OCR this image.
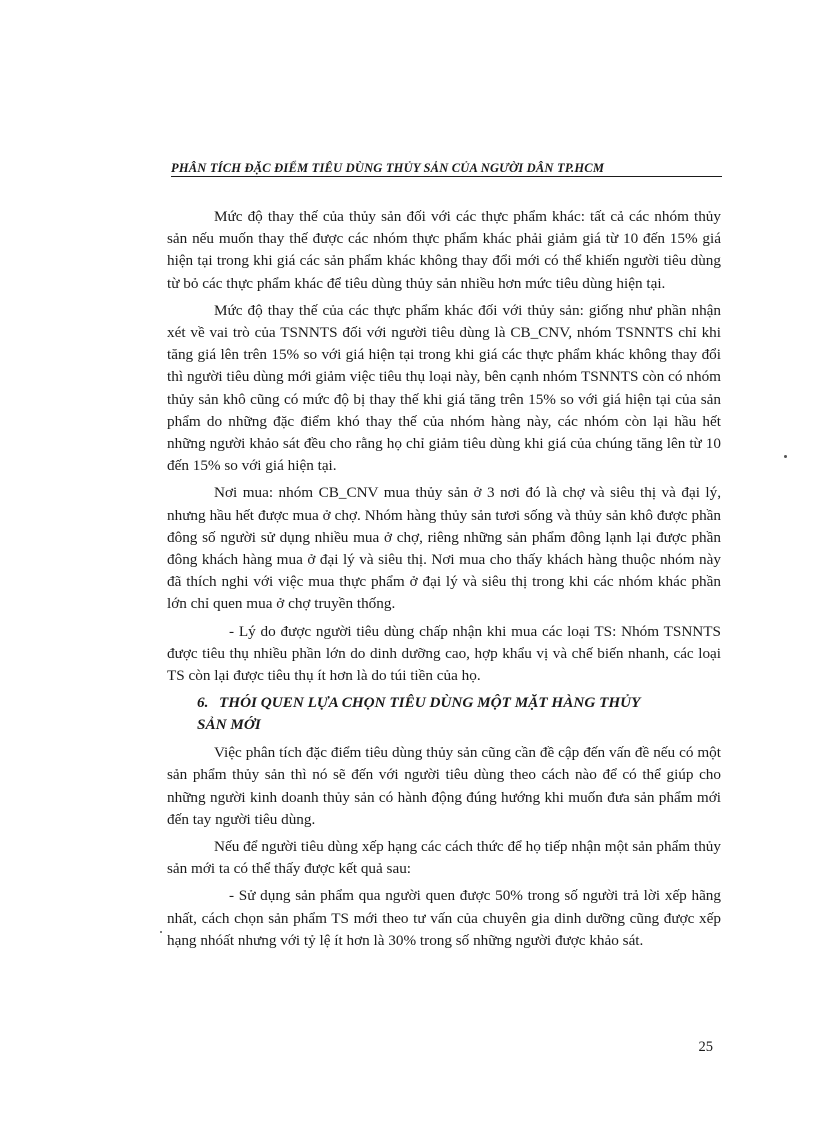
PHÂN TÍCH ĐẶC ĐIỂM TIÊU DÙNG THỦY SẢN CỦA NGƯỜI DÂN TP.HCM

Mức độ thay thế của thủy sản đối với các thực phẩm khác: tất cả các nhóm thủy sản nếu muốn thay thế được các nhóm thực phẩm khác phải giảm giá từ 10 đến 15% giá hiện tại trong khi giá các sản phẩm khác không thay đổi mới có thể khiến người tiêu dùng từ bỏ các thực phẩm khác để tiêu dùng thủy sản nhiều hơn mức tiêu dùng hiện tại.

Mức độ thay thế của các thực phẩm khác đối với thủy sản: giống như phần nhận xét về vai trò của TSNNTS đối với người tiêu dùng là CB_CNV, nhóm TSNNTS chỉ khi tăng giá lên trên 15% so với giá hiện tại trong khi giá các thực phẩm khác không thay đổi thì người tiêu dùng mới giảm việc tiêu thụ loại này, bên cạnh nhóm TSNNTS còn có nhóm thủy sản khô cũng có mức độ bị thay thế khi giá tăng trên 15% so với giá hiện tại của sản phẩm do những đặc điểm khó thay thế của nhóm hàng này, các nhóm còn lại hầu hết những người khảo sát đều cho rằng họ chỉ giảm tiêu dùng khi giá của chúng tăng lên từ 10 đến 15% so với giá hiện tại.

Nơi mua: nhóm CB_CNV mua thủy sản ở 3 nơi đó là chợ và siêu thị và đại lý, nhưng hầu hết được mua ở chợ. Nhóm hàng thủy sản tươi sống và thủy sản khô được phần đông số người sử dụng nhiều mua ở chợ, riêng những sản phẩm đông lạnh lại được phần đông khách hàng mua ở đại lý và siêu thị. Nơi mua cho thấy khách hàng thuộc nhóm này đã thích nghi với việc mua thực phẩm ở đại lý và siêu thị trong khi các nhóm khác phần lớn chỉ quen mua ở chợ truyền thống.

- Lý do được người tiêu dùng chấp nhận khi mua các loại TS: Nhóm TSNNTS được tiêu thụ nhiều phần lớn do dinh dưỡng cao, hợp khẩu vị và chế biến nhanh, các loại TS còn lại được tiêu thụ ít hơn là do túi tiền của họ.

6. THÓI QUEN LỰA CHỌN TIÊU DÙNG MỘT MẶT HÀNG THỦY
SẢN MỚI

Việc phân tích đặc điểm tiêu dùng thủy sản cũng cần đề cập đến vấn đề nếu có một sản phẩm thủy sản thì nó sẽ đến với người tiêu dùng theo cách nào để có thể giúp cho những người kinh doanh thủy sản có hành động đúng hướng khi muốn đưa sản phẩm mới đến tay người tiêu dùng.

Nếu để người tiêu dùng xếp hạng các cách thức để họ tiếp nhận một sản phẩm thủy sản mới ta có thể thấy được kết quả sau:

- Sử dụng sản phẩm qua người quen được 50% trong số người trả lời xếp hãng nhất, cách chọn sản phẩm TS mới theo tư vấn của chuyên gia dinh dưỡng cũng được xếp hạng nhóất nhưng với tỷ lệ ít hơn là 30% trong số những người được khảo sát.

25
